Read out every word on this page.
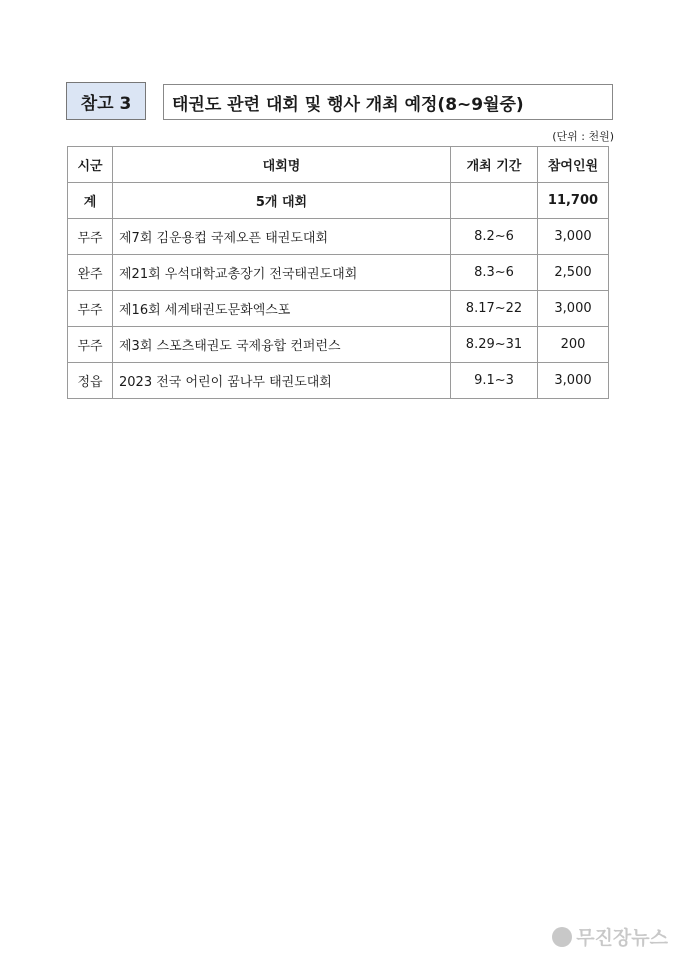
참고 3	태권도 관련 대회 및 행사 개최 예정(8~9월중)
(단위 : 천원)
시군	대회명	개최 기간	참여인원
계	5개 대회		11,700
무주	제7회 김운용컵 국제오픈 태권도대회	8.2~6	3,000
완주	제21회 우석대학교총장기 전국태권도대회	8.3~6	2,500
무주	제16회 세계태권도문화엑스포	8.17~22	3,000
무주	제3회 스포츠태권도 국제융합 컨퍼런스	8.29~31	200
정읍	2023 전국 어린이 꿈나무 태권도대회	9.1~3	3,000
무진장뉴스
